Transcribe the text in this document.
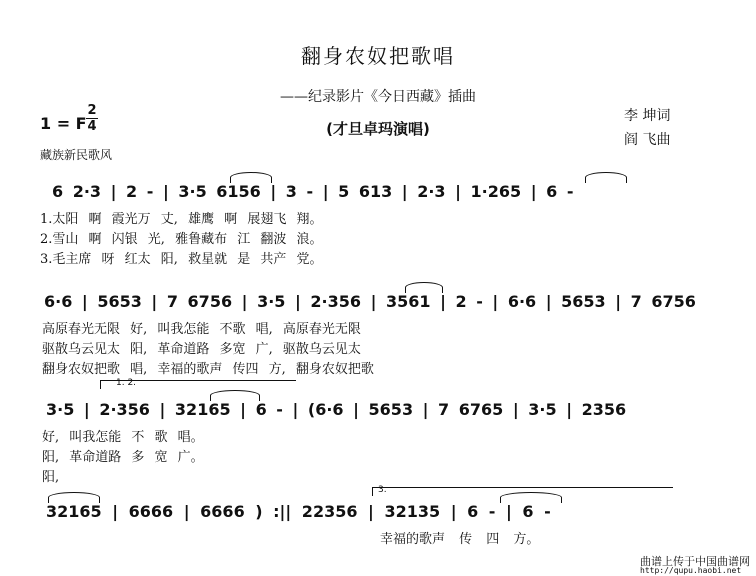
翻身农奴把歌唱
——纪录影片《今日西藏》插曲
1 = F
2
4	(才旦卓玛演唱)
李 坤词
阎 飞曲
藏族新民歌风
6 2·3 | 2 - | 3·5 6156 | 3 - | 5 613 | 2·3 | 1·265 | 6 -
1.太阳 啊 霞光万 丈, 雄鹰 啊 展翅飞 翔。
2.雪山 啊 闪银 光, 雅鲁藏布 江 翻波 浪。
3.毛主席 呀 红太 阳, 救星就 是 共产 党。
6·6 | 5653 | 7 6756 | 3·5 | 2·356 | 3561 | 2 - | 6·6 | 5653 | 7 6756
高原春光无限 好, 叫我怎能 不歌 唱, 高原春光无限
驱散乌云见太 阳, 革命道路 多宽 广, 驱散乌云见太
翻身农奴把歌 唱, 幸福的歌声 传四 方, 翻身农奴把歌
1. 2.
3·5 | 2·356 | 32165 | 6 - | (6·6 | 5653 | 7 6765 | 3·5 | 2356
好, 叫我怎能 不 歌 唱。
阳, 革命道路 多 宽 广。
阳,
3.
32165 | 6666 | 6666 ) :|| 22356 | 32135 | 6 - | 6 -
幸福的歌声 传 四 方。
曲谱上传于中国曲谱网
http://qupu.haobi.net
